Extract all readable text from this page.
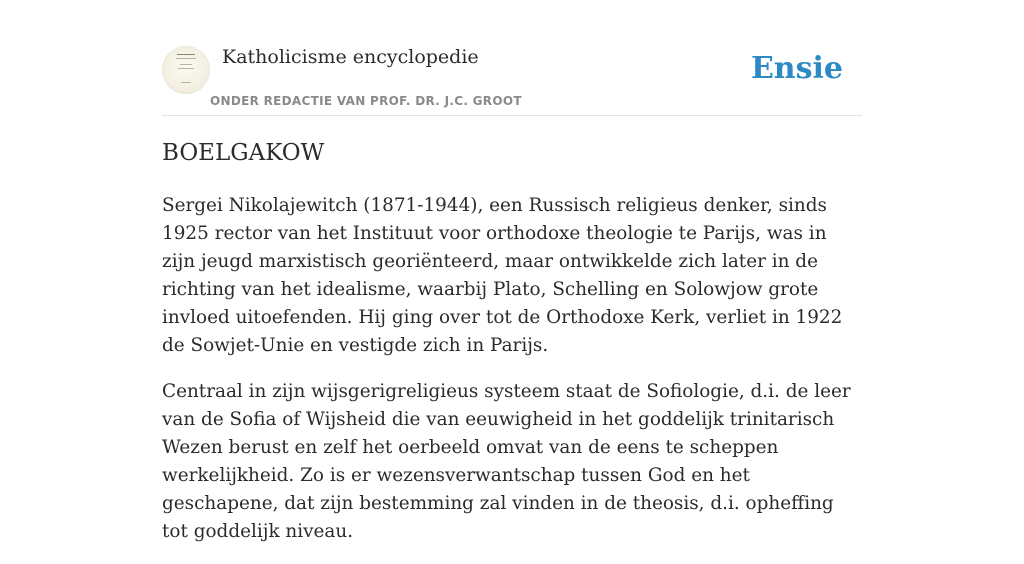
Katholicisme encyclopedie
ONDER REDACTIE VAN PROF. DR. J.C. GROOT
Ensie
BOELGAKOW

Sergei Nikolajewitch (1871-1944), een Russisch religieus denker, sinds 1925 rector van het Instituut voor orthodoxe theologie te Parijs, was in zijn jeugd marxistisch georiënteerd, maar ontwikkelde zich later in de richting van het idealisme, waarbij Plato, Schelling en Solowjow grote invloed uitoefenden. Hij ging over tot de Orthodoxe Kerk, verliet in 1922 de Sowjet-Unie en vestigde zich in Parijs.

Centraal in zijn wijsgerigreligieus systeem staat de Sofiologie, d.i. de leer van de Sofia of Wijsheid die van eeuwigheid in het goddelijk trinitarisch Wezen berust en zelf het oerbeeld omvat van de eens te scheppen werkelijkheid. Zo is er wezensverwantschap tussen God en het geschapene, dat zijn bestemming zal vinden in de theosis, d.i. opheffing tot goddelijk niveau.
